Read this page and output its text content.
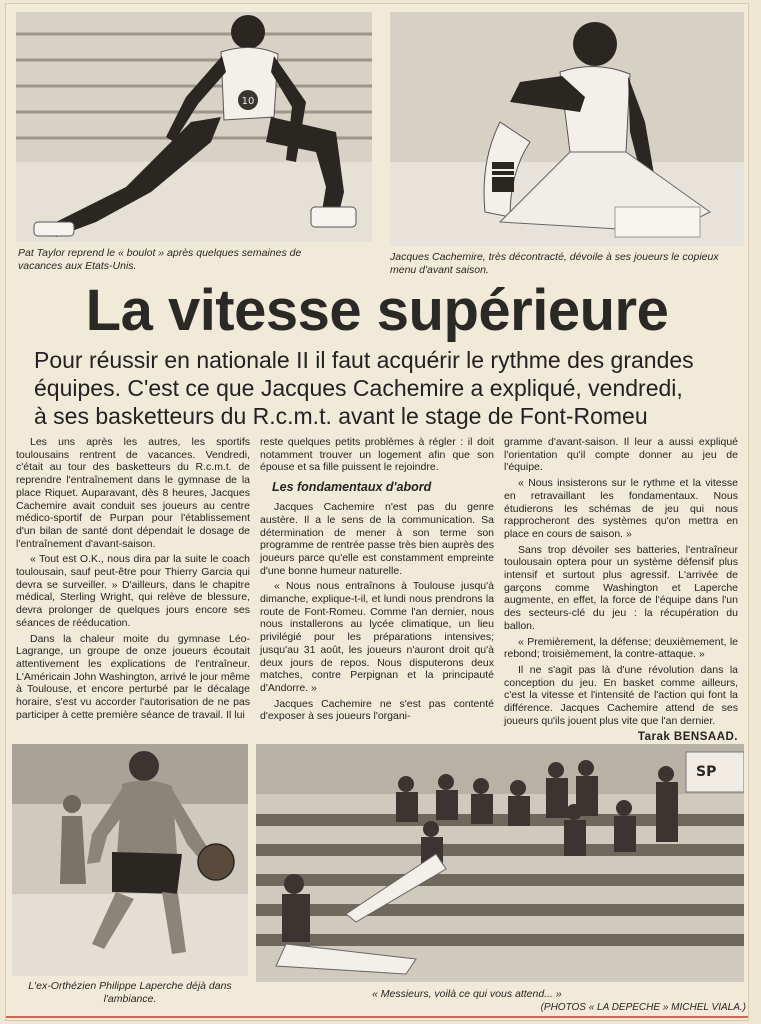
10
Pat Taylor reprend le « boulot » après quelques semaines de vacances aux Etats-Unis.
Jacques Cachemire, très décontracté, dévoile à ses joueurs le copieux menu d'avant saison.
La vitesse supérieure
Pour réussir en nationale II il faut acquérir le rythme des grandes
équipes. C'est ce que Jacques Cachemire a expliqué, vendredi,
à ses basketteurs du R.c.m.t. avant le stage de Font-Romeu

Les uns après les autres, les sportifs toulousains rentrent de vacances. Vendredi, c'était au tour des basketteurs du R.c.m.t. de reprendre l'entraînement dans le gymnase de la place Riquet. Auparavant, dès 8 heures, Jacques Cachemire avait conduit ses joueurs au centre médico-sportif de Purpan pour l'établissement d'un bilan de santé dont dépendait le dosage de l'entraînement d'avant-saison.

« Tout est O.K., nous dira par la suite le coach toulousain, sauf peut-être pour Thierry Garcia qui devra se surveiller. » D'ailleurs, dans le chapitre médical, Sterling Wright, qui relève de blessure, devra prolonger de quelques jours encore ses séances de rééducation.

Dans la chaleur moite du gymnase Léo-Lagrange, un groupe de onze joueurs écoutait attentivement les explications de l'entraîneur. L'Américain John Washington, arrivé le jour même à Toulouse, et encore perturbé par le décalage horaire, s'est vu accorder l'autorisation de ne pas participer à cette première séance de travail. Il lui

reste quelques petits problèmes à régler : il doit notamment trouver un logement afin que son épouse et sa fille puissent le rejoindre.

Les fondamentaux d'abord

Jacques Cachemire n'est pas du genre austère. Il a le sens de la communication. Sa détermination de mener à son terme son programme de rentrée passe très bien auprès des joueurs parce qu'elle est constamment empreinte d'une bonne humeur naturelle.

« Nous nous entraînons à Toulouse jusqu'à dimanche, explique-t-il, et lundi nous prendrons la route de Font-Romeu. Comme l'an dernier, nous nous installerons au lycée climatique, un lieu privilégié pour les préparations intensives; jusqu'au 31 août, les joueurs n'auront droit qu'à deux jours de repos. Nous disputerons deux matches, contre Perpignan et la principauté d'Andorre. »

Jacques Cachemire ne s'est pas contenté d'exposer à ses joueurs l'organi-

gramme d'avant-saison. Il leur a aussi expliqué l'orientation qu'il compte donner au jeu de l'équipe.

« Nous insisterons sur le rythme et la vitesse en retravaillant les fondamentaux. Nous étudierons les schémas de jeu qui nous rapprocheront des systèmes qu'on mettra en place en cours de saison. »

Sans trop dévoiler ses batteries, l'entraîneur toulousain optera pour un système défensif plus intensif et surtout plus agressif. L'arrivée de garçons comme Washington et Laperche augmente, en effet, la force de l'équipe dans l'un des secteurs-clé du jeu : la récupération du ballon.

« Premièrement, la défense; deuxièmement, le rebond; troisièmement, la contre-attaque. »

Il ne s'agit pas là d'une révolution dans la conception du jeu. En basket comme ailleurs, c'est la vitesse et l'intensité de l'action qui font la différence. Jacques Cachemire attend de ses joueurs qu'ils jouent plus vite que l'an dernier.

Tarak BENSAAD.
SP
L'ex-Orthézien Philippe Laperche déjà dans l'ambiance.	« Messieurs, voilà ce qui vous attend... »
(PHOTOS « LA DEPECHE » MICHEL VIALA.)
